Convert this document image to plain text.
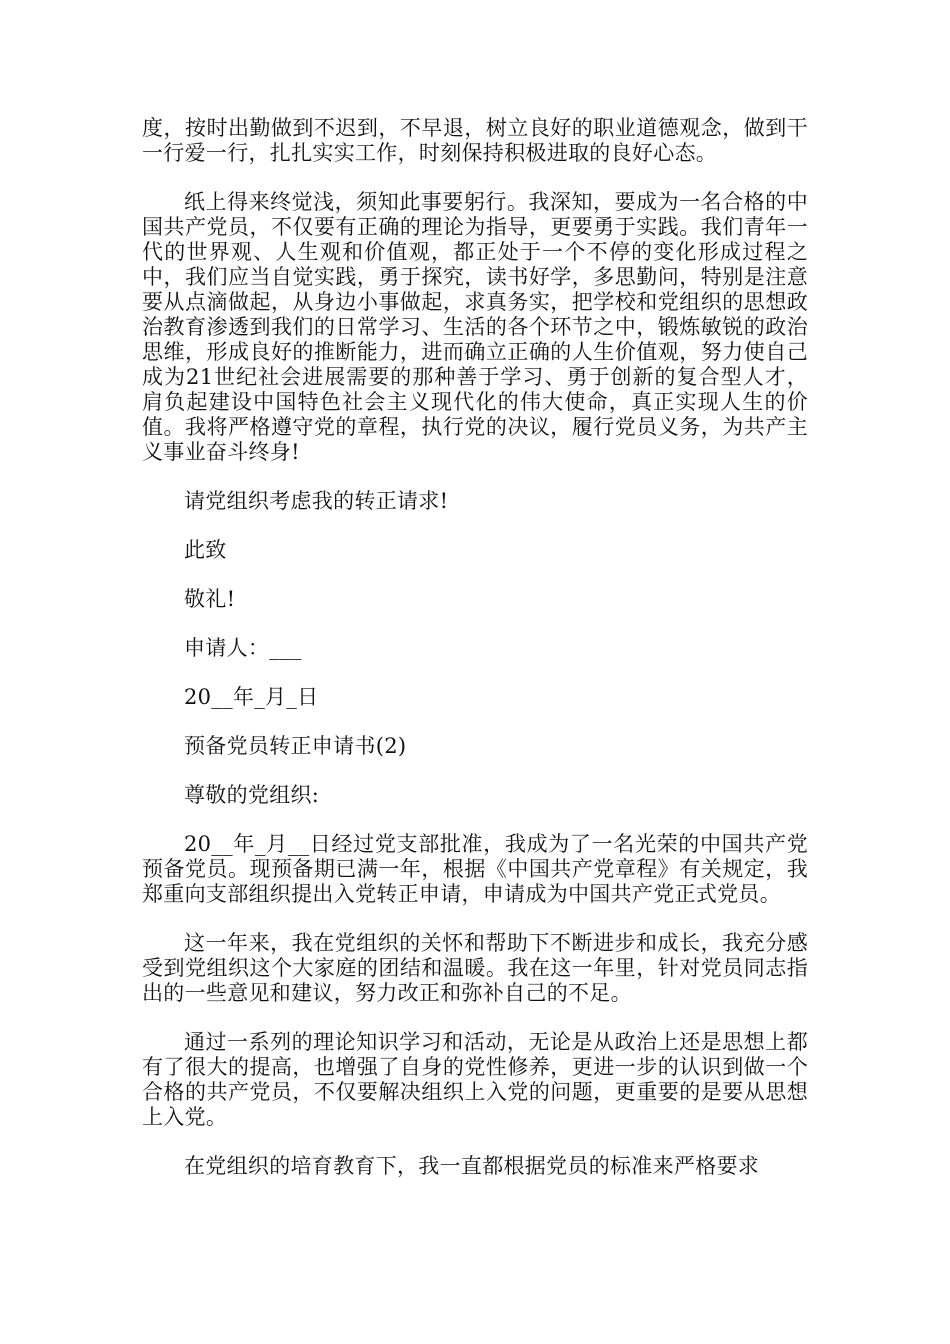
度，按时出勤做到不迟到，不早退，树立良好的职业道德观念，做到干一行爱一行，扎扎实实工作，时刻保持积极进取的良好心态。

纸上得来终觉浅，须知此事要躬行。我深知，要成为一名合格的中国共产党员，不仅要有正确的理论为指导，更要勇于实践。我们青年一代的世界观、人生观和价值观，都正处于一个不停的变化形成过程之中，我们应当自觉实践，勇于探究，读书好学，多思勤问，特别是注意要从点滴做起，从身边小事做起，求真务实，把学校和党组织的思想政治教育渗透到我们的日常学习、生活的各个环节之中，锻炼敏锐的政治思维，形成良好的推断能力，进而确立正确的人生价值观，努力使自己成为21世纪社会进展需要的那种善于学习、勇于创新的复合型人才，肩负起建设中国特色社会主义现代化的伟大使命，真正实现人生的价值。我将严格遵守党的章程，执行党的决议，履行党员义务，为共产主义事业奋斗终身!

请党组织考虑我的转正请求!

此致

敬礼!

申请人：___

20__年_月_日

预备党员转正申请书(2)

尊敬的党组织:

20__年_月__日经过党支部批准，我成为了一名光荣的中国共产党预备党员。现预备期已满一年，根据《中国共产党章程》有关规定，我郑重向支部组织提出入党转正申请，申请成为中国共产党正式党员。

这一年来，我在党组织的关怀和帮助下不断进步和成长，我充分感受到党组织这个大家庭的团结和温暖。我在这一年里，针对党员同志指出的一些意见和建议，努力改正和弥补自己的不足。

通过一系列的理论知识学习和活动，无论是从政治上还是思想上都有了很大的提高，也增强了自身的党性修养，更进一步的认识到做一个合格的共产党员，不仅要解决组织上入党的问题，更重要的是要从思想上入党。

在党组织的培育教育下，我一直都根据党员的标准来严格要求
